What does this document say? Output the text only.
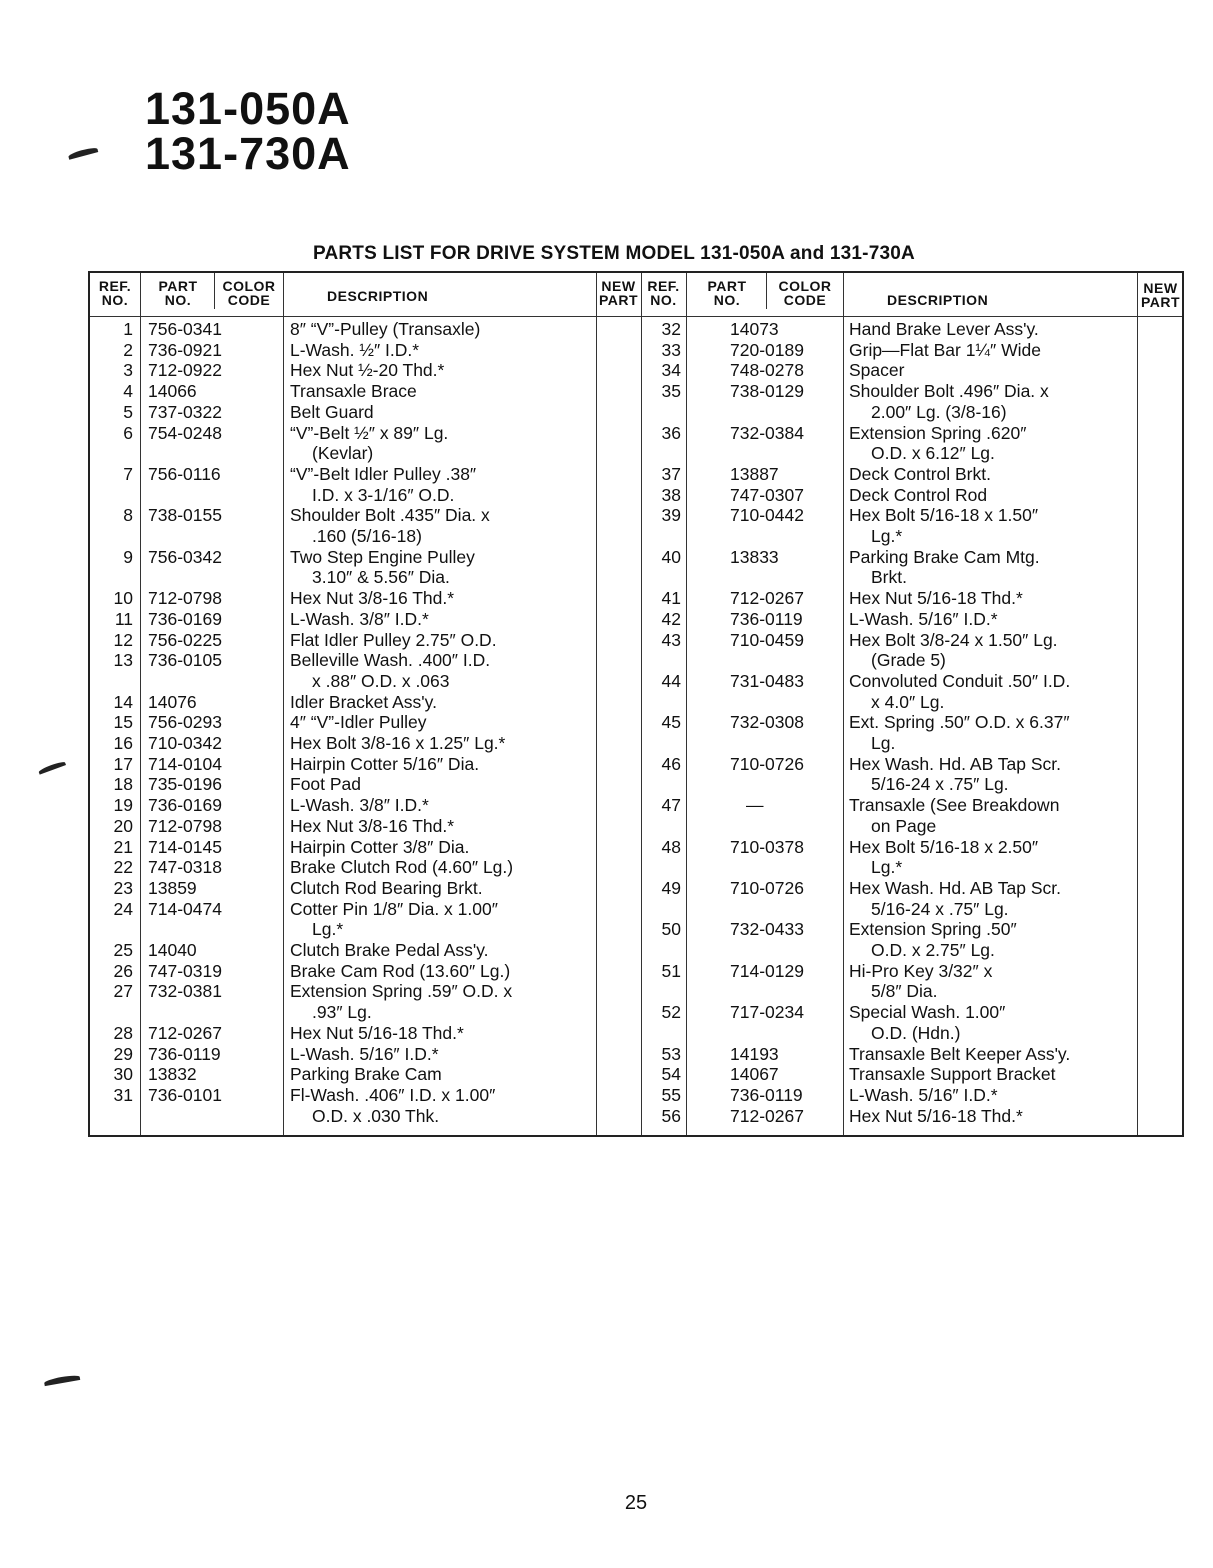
131-050A
131-730A
PARTS LIST FOR DRIVE SYSTEM MODEL 131-050A and 131-730A
REF. NO.
PART NO.
COLOR CODE	DESCRIPTION
NEW PART
REF. NO.
PART NO.
COLOR CODE	DESCRIPTION
NEW PART
1 756-0341	8″ “V”-Pulley (Transaxle)
2 736-0921	L-Wash. ½″ I.D.*
3 712-0922	Hex Nut ½-20 Thd.*
4 14066	Transaxle Brace
5 737-0322	Belt Guard
6 754-0248	“V”-Belt ½″ x 89″ Lg.
(Kevlar)
7 756-0116	“V”-Belt Idler Pulley .38″
I.D. x 3-1/16″ O.D.
8 738-0155	Shoulder Bolt .435″ Dia. x
.160 (5/16-18)
9 756-0342	Two Step Engine Pulley
3.10″ & 5.56″ Dia.
10 712-0798	Hex Nut 3/8-16 Thd.*
11 736-0169	L-Wash. 3/8″ I.D.*
12 756-0225	Flat Idler Pulley 2.75″ O.D.
13 736-0105	Belleville Wash. .400″ I.D.
x .88″ O.D. x .063
14 14076	Idler Bracket Ass'y.
15 756-0293	4″ “V”-Idler Pulley
16 710-0342	Hex Bolt 3/8-16 x 1.25″ Lg.*
17 714-0104	Hairpin Cotter 5/16″ Dia.
18 735-0196	Foot Pad
19 736-0169	L-Wash. 3/8″ I.D.*
20 712-0798	Hex Nut 3/8-16 Thd.*
21 714-0145	Hairpin Cotter 3/8″ Dia.
22 747-0318	Brake Clutch Rod (4.60″ Lg.)
23 13859	Clutch Rod Bearing Brkt.
24 714-0474	Cotter Pin 1/8″ Dia. x 1.00″
Lg.*
25 14040	Clutch Brake Pedal Ass'y.
26 747-0319	Brake Cam Rod (13.60″ Lg.)
27 732-0381	Extension Spring .59″ O.D. x
.93″ Lg.
28 712-0267	Hex Nut 5/16-18 Thd.*
29 736-0119	L-Wash. 5/16″ I.D.*
30 13832	Parking Brake Cam
31 736-0101	Fl-Wash. .406″ I.D. x 1.00″
O.D. x .030 Thk.
32	14073	Hand Brake Lever Ass'y.
33	720-0189	Grip—Flat Bar 1¼″ Wide
34	748-0278	Spacer
35	738-0129	Shoulder Bolt .496″ Dia. x
2.00″ Lg. (3/8-16)
36	732-0384	Extension Spring .620″
O.D. x 6.12″ Lg.
37	13887	Deck Control Brkt.
38	747-0307	Deck Control Rod
39	710-0442	Hex Bolt 5/16-18 x 1.50″
Lg.*
40	13833	Parking Brake Cam Mtg.
Brkt.
41	712-0267	Hex Nut 5/16-18 Thd.*
42	736-0119	L-Wash. 5/16″ I.D.*
43	710-0459	Hex Bolt 3/8-24 x 1.50″ Lg.
(Grade 5)
44	731-0483	Convoluted Conduit .50″ I.D.
x 4.0″ Lg.
45	732-0308	Ext. Spring .50″ O.D. x 6.37″
Lg.
46	710-0726	Hex Wash. Hd. AB Tap Scr.
5/16-24 x .75″ Lg.
47	—	Transaxle (See Breakdown
on Page
48	710-0378	Hex Bolt 5/16-18 x 2.50″
Lg.*
49	710-0726	Hex Wash. Hd. AB Tap Scr.
5/16-24 x .75″ Lg.
50	732-0433	Extension Spring .50″
O.D. x 2.75″ Lg.
51	714-0129	Hi-Pro Key 3/32″ x
5/8″ Dia.
52	717-0234	Special Wash. 1.00″
O.D. (Hdn.)
53	14193	Transaxle Belt Keeper Ass'y.
54	14067	Transaxle Support Bracket
55	736-0119	L-Wash. 5/16″ I.D.*
56	712-0267	Hex Nut 5/16-18 Thd.*
25
